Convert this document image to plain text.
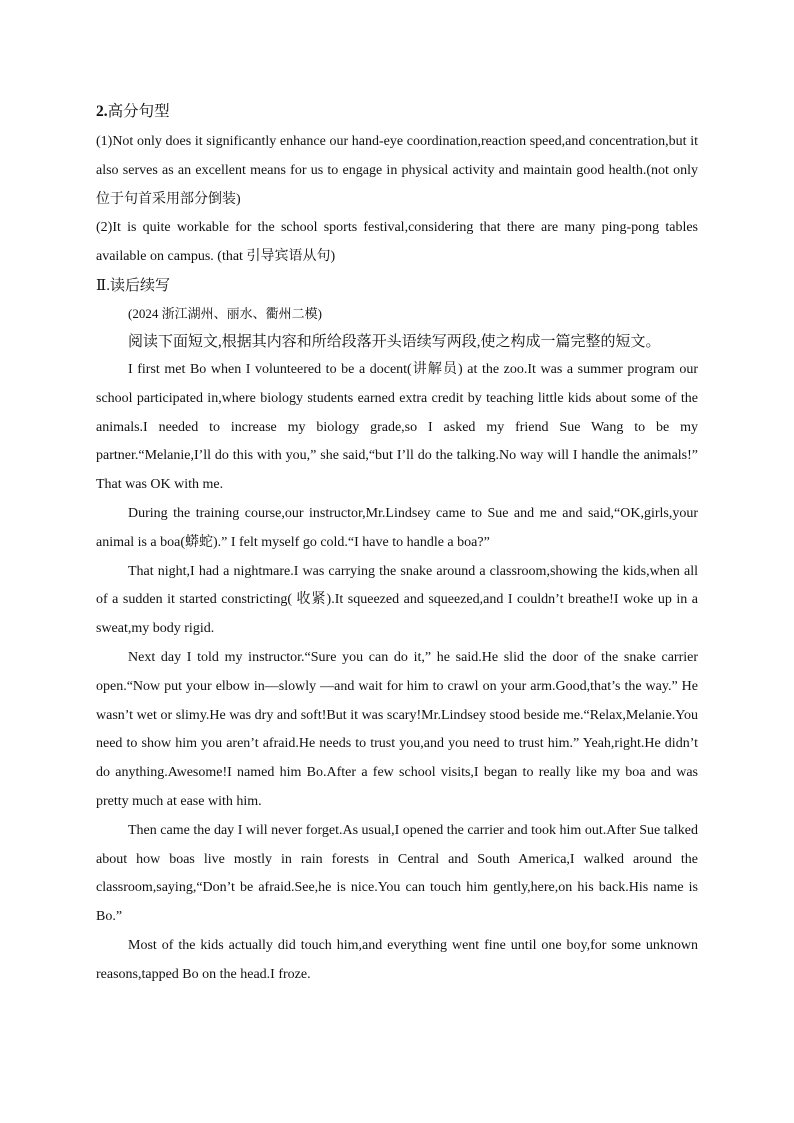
2.高分句型

(1)Not only does it significantly enhance our hand-eye coordination,reaction speed,and concentration,but it also serves as an excellent means for us to engage in physical activity and maintain good health.(not only 位于句首采用部分倒装)

(2)It is quite workable for the school sports festival,considering that there are many ping-pong tables available on campus. (that 引导宾语从句)

Ⅱ.读后续写

(2024 浙江湖州、丽水、衢州二模)

阅读下面短文,根据其内容和所给段落开头语续写两段,使之构成一篇完整的短文。

I first met Bo when I volunteered to be a docent(讲解员) at the zoo.It was a summer program our school participated in,where biology students earned extra credit by teaching little kids about some of the animals.I needed to increase my biology grade,so I asked my friend Sue Wang to be my partner.“Melanie,I’ll do this with you,” she said,“but I’ll do the talking.No way will I handle the animals!” That was OK with me.

During the training course,our instructor,Mr.Lindsey came to Sue and me and said,“OK,girls,your animal is a boa(蟒蛇).” I felt myself go cold.“I have to handle a boa?”

That night,I had a nightmare.I was carrying the snake around a classroom,showing the kids,when all of a sudden it started constricting( 收紧).It squeezed and squeezed,and I couldn’t breathe!I woke up in a sweat,my body rigid.

Next day I told my instructor.“Sure you can do it,” he said.He slid the door of the snake carrier open.“Now put your elbow in—slowly —and wait for him to crawl on your arm.Good,that’s the way.” He wasn’t wet or slimy.He was dry and soft!But it was scary!Mr.Lindsey stood beside me.“Relax,Melanie.You need to show him you aren’t afraid.He needs to trust you,and you need to trust him.” Yeah,right.He didn’t do anything.Awesome!I named him Bo.After a few school visits,I began to really like my boa and was pretty much at ease with him.

Then came the day I will never forget.As usual,I opened the carrier and took him out.After Sue talked about how boas live mostly in rain forests in Central and South America,I walked around the classroom,saying,“Don’t be afraid.See,he is nice.You can touch him gently,here,on his back.His name is Bo.”

Most of the kids actually did touch him,and everything went fine until one boy,for some unknown reasons,tapped Bo on the head.I froze.
